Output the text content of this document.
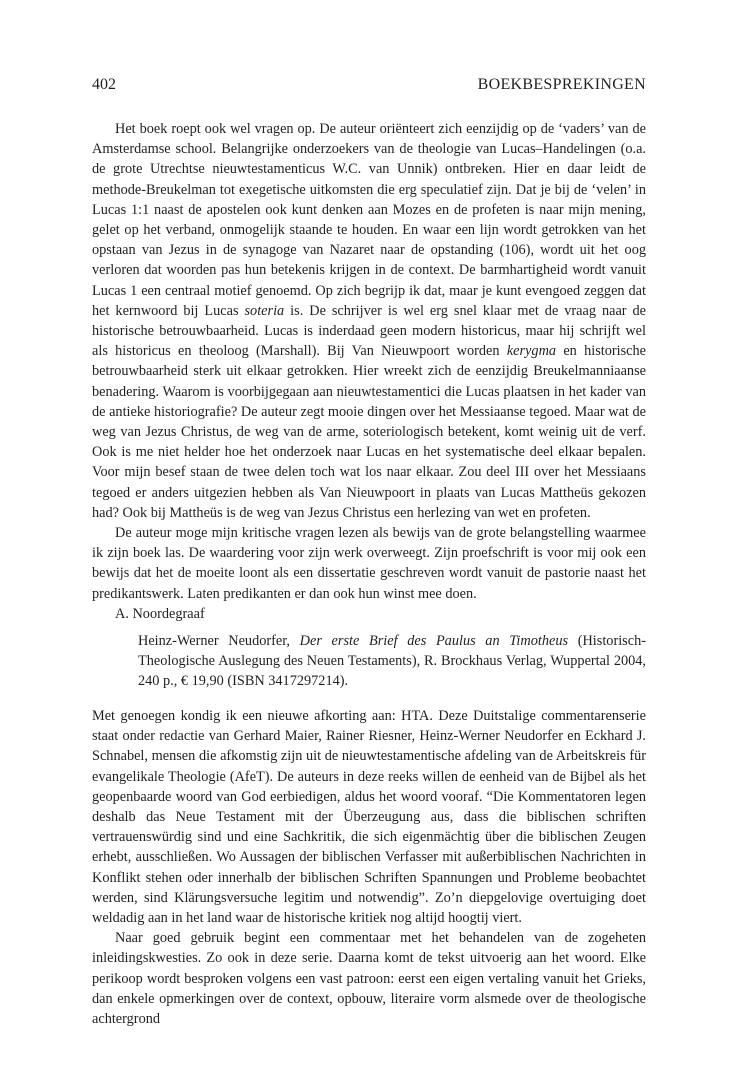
402	BOEKBESPREKINGEN

Het boek roept ook wel vragen op. De auteur oriënteert zich eenzijdig op de ‘vaders’ van de Amsterdamse school. Belangrijke onderzoekers van de theologie van Lucas–Handelingen (o.a. de grote Utrechtse nieuwtestamenticus W.C. van Unnik) ontbreken. Hier en daar leidt de methode-Breukelman tot exegetische uitkomsten die erg speculatief zijn. Dat je bij de ‘velen’ in Lucas 1:1 naast de apostelen ook kunt denken aan Mozes en de profeten is naar mijn mening, gelet op het verband, onmogelijk staande te houden. En waar een lijn wordt getrokken van het opstaan van Jezus in de synagoge van Nazaret naar de opstanding (106), wordt uit het oog verloren dat woorden pas hun betekenis krijgen in de context. De barmhartigheid wordt vanuit Lucas 1 een centraal motief genoemd. Op zich begrijp ik dat, maar je kunt evengoed zeggen dat het kernwoord bij Lucas soteria is. De schrijver is wel erg snel klaar met de vraag naar de historische betrouwbaarheid. Lucas is inderdaad geen modern historicus, maar hij schrijft wel als historicus en theoloog (Marshall). Bij Van Nieuwpoort worden kerygma en historische betrouwbaarheid sterk uit elkaar getrokken. Hier wreekt zich de eenzijdig Breukelmanniaanse benadering. Waarom is voorbijgegaan aan nieuwtestamentici die Lucas plaatsen in het kader van de antieke historiografie? De auteur zegt mooie dingen over het Messiaanse tegoed. Maar wat de weg van Jezus Christus, de weg van de arme, soteriologisch betekent, komt weinig uit de verf. Ook is me niet helder hoe het onderzoek naar Lucas en het systematische deel elkaar bepalen. Voor mijn besef staan de twee delen toch wat los naar elkaar. Zou deel III over het Messiaans tegoed er anders uitgezien hebben als Van Nieuwpoort in plaats van Lucas Mattheüs gekozen had? Ook bij Mattheüs is de weg van Jezus Christus een herlezing van wet en profeten.

De auteur moge mijn kritische vragen lezen als bewijs van de grote belangstelling waarmee ik zijn boek las. De waardering voor zijn werk overweegt. Zijn proefschrift is voor mij ook een bewijs dat het de moeite loont als een dissertatie geschreven wordt vanuit de pastorie naast het predikantswerk. Laten predikanten er dan ook hun winst mee doen.

A. Noordegraaf

Heinz-Werner Neudorfer, Der erste Brief des Paulus an Timotheus (Historisch-Theologische Auslegung des Neuen Testaments), R. Brockhaus Verlag, Wuppertal 2004, 240 p., € 19,90 (ISBN 3417297214).

Met genoegen kondig ik een nieuwe afkorting aan: HTA. Deze Duitstalige commentarenserie staat onder redactie van Gerhard Maier, Rainer Riesner, Heinz-Werner Neudorfer en Eckhard J. Schnabel, mensen die afkomstig zijn uit de nieuwtestamentische afdeling van de Arbeitskreis für evangelikale Theologie (AfeT). De auteurs in deze reeks willen de eenheid van de Bijbel als het geopenbaarde woord van God eerbiedigen, aldus het woord vooraf. “Die Kommentatoren legen deshalb das Neue Testament mit der Überzeugung aus, dass die biblischen schriften vertrauenswürdig sind und eine Sachkritik, die sich eigenmächtig über die biblischen Zeugen erhebt, ausschließen. Wo Aussagen der biblischen Verfasser mit außerbiblischen Nachrichten in Konflikt stehen oder innerhalb der biblischen Schriften Spannungen und Probleme beobachtet werden, sind Klärungsversuche legitim und notwendig”. Zo’n diepgelovige overtuiging doet weldadig aan in het land waar de historische kritiek nog altijd hoogtij viert.

Naar goed gebruik begint een commentaar met het behandelen van de zogeheten inleidingskwesties. Zo ook in deze serie. Daarna komt de tekst uitvoerig aan het woord. Elke perikoop wordt besproken volgens een vast patroon: eerst een eigen vertaling vanuit het Grieks, dan enkele opmerkingen over de context, opbouw, literaire vorm alsmede over de theologische achtergrond
